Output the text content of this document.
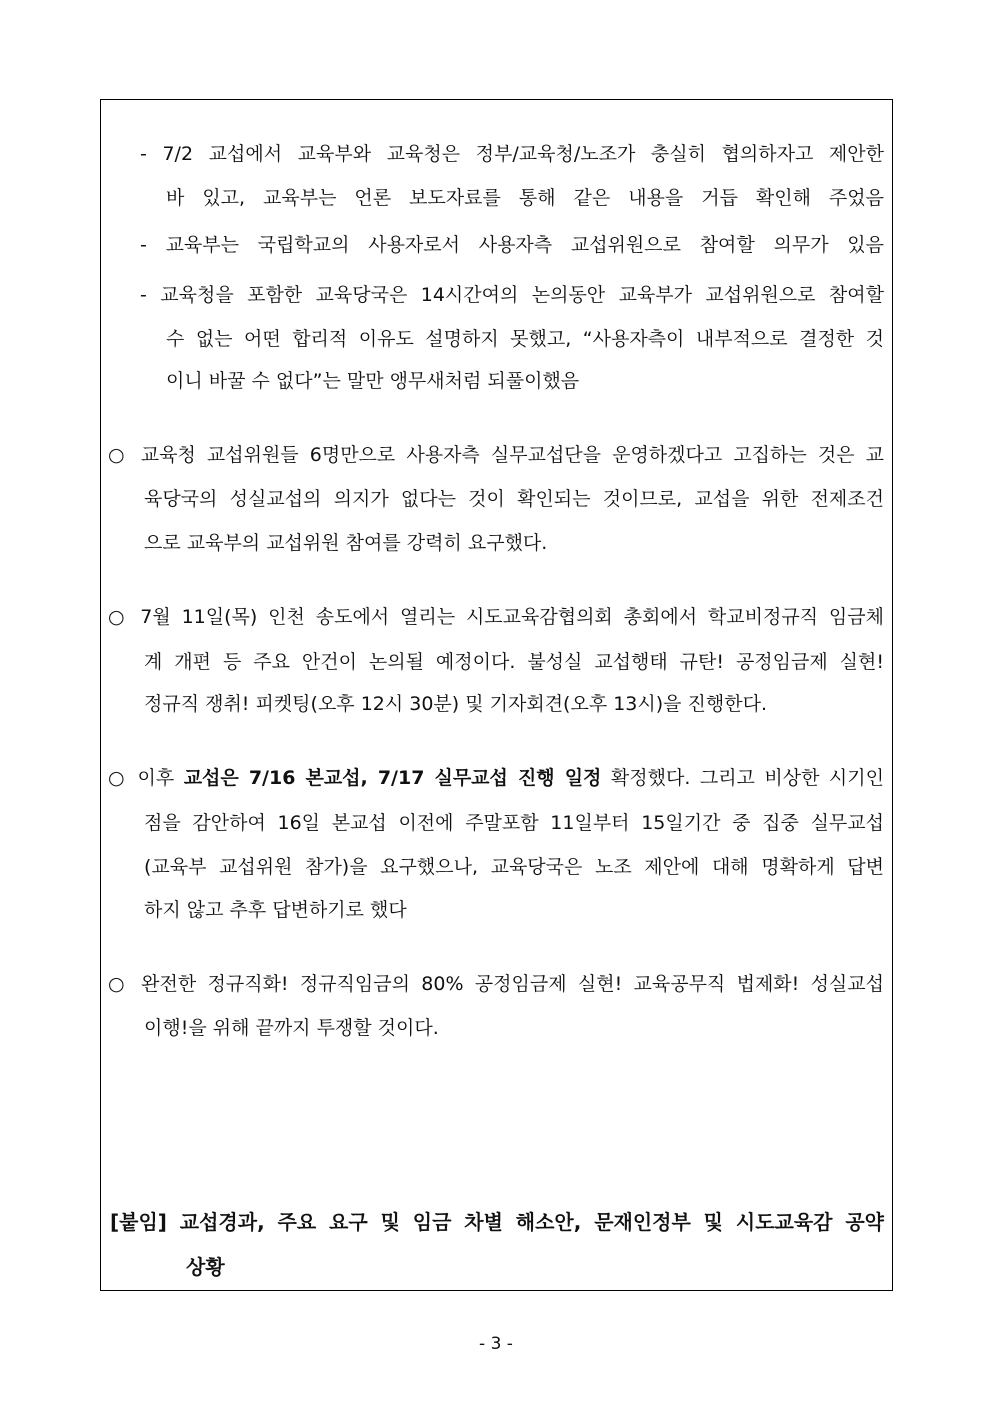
- 7/2 교섭에서 교육부와 교육청은 정부/교육청/노조가 충실히 협의하자고 제안한
바 있고, 교육부는 언론 보도자료를 통해 같은 내용을 거듭 확인해 주었음
- 교육부는 국립학교의 사용자로서 사용자측 교섭위원으로 참여할 의무가 있음
- 교육청을 포함한 교육당국은 14시간여의 논의동안 교육부가 교섭위원으로 참여할
수 없는 어떤 합리적 이유도 설명하지 못했고, “사용자측이 내부적으로 결정한 것
이니 바꿀 수 없다”는 말만 앵무새처럼 되풀이했음
○ 교육청 교섭위원들 6명만으로 사용자측 실무교섭단을 운영하겠다고 고집하는 것은 교
육당국의 성실교섭의 의지가 없다는 것이 확인되는 것이므로, 교섭을 위한 전제조건
으로 교육부의 교섭위원 참여를 강력히 요구했다.
○ 7월 11일(목) 인천 송도에서 열리는 시도교육감협의회 총회에서 학교비정규직 임금체
계 개편 등 주요 안건이 논의될 예정이다. 불성실 교섭행태 규탄! 공정임금제 실현!
정규직 쟁취! 피켓팅(오후 12시 30분) 및 기자회견(오후 13시)을 진행한다.
○ 이후 교섭은 7/16 본교섭, 7/17 실무교섭 진행 일정 확정했다. 그리고 비상한 시기인
점을 감안하여 16일 본교섭 이전에 주말포함 11일부터 15일기간 중 집중 실무교섭
(교육부 교섭위원 참가)을 요구했으나, 교육당국은 노조 제안에 대해 명확하게 답변
하지 않고 추후 답변하기로 했다
○ 완전한 정규직화! 정규직임금의 80% 공정임금제 실현! 교육공무직 법제화! 성실교섭
이행!을 위해 끝까지 투쟁할 것이다.
[붙임] 교섭경과, 주요 요구 및 임금 차별 해소안, 문재인정부 및 시도교육감 공약
상황
- 3 -
